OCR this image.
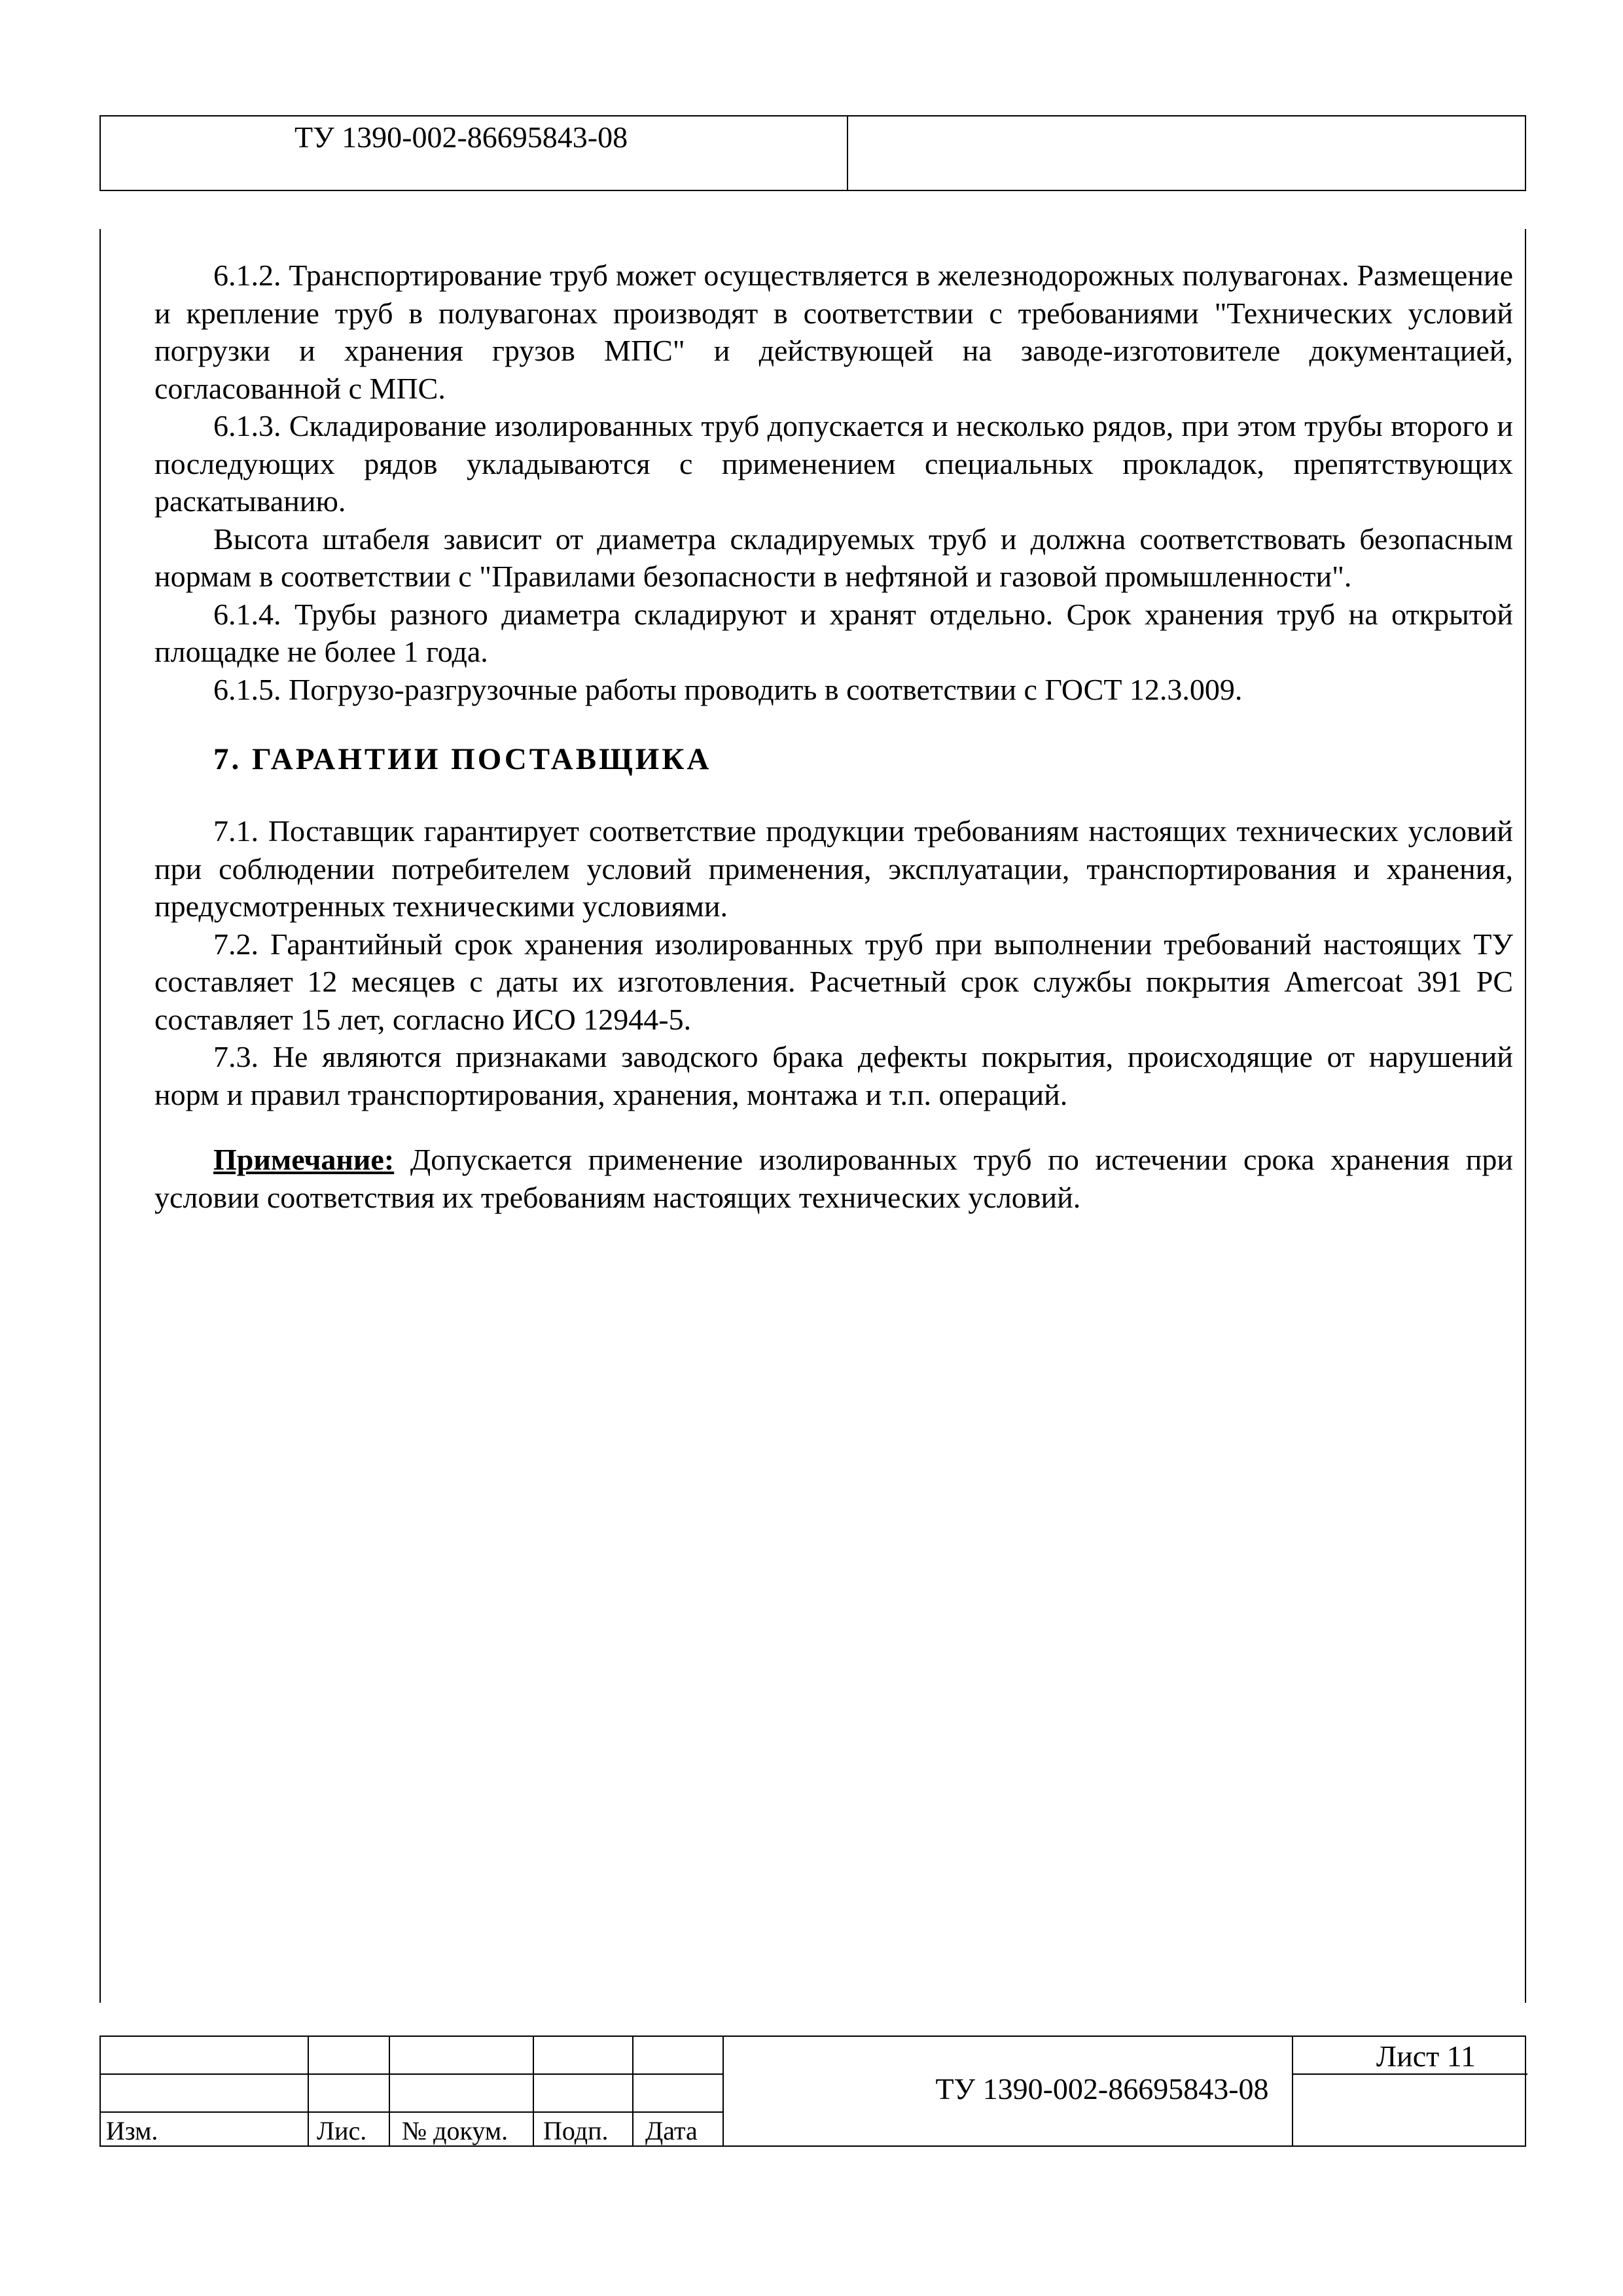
ТУ 1390-002-86695843-08

6.1.2. Транспортирование труб может осуществляется в железнодорожных полувагонах. Размещение и крепление труб в полувагонах производят в соответствии с требованиями "Технических условий погрузки и хранения грузов МПС" и действующей на заводе-изготовителе документацией, согласованной с МПС.

6.1.3. Складирование изолированных труб допускается и несколько рядов, при этом трубы второго и последующих рядов укладываются с применением специальных прокладок, препятствующих раскатыванию.

Высота штабеля зависит от диаметра складируемых труб и должна соответствовать безопасным нормам в соответствии с "Правилами безопасности в нефтяной и газовой промышленности".

6.1.4. Трубы разного диаметра складируют и хранят отдельно. Срок хранения труб на открытой площадке не более 1 года.

6.1.5. Погрузо-разгрузочные работы проводить в соответствии с ГОСТ 12.3.009.

7. ГАРАНТИИ ПОСТАВЩИКА

7.1. Поставщик гарантирует соответствие продукции требованиям настоящих технических условий при соблюдении потребителем условий применения, эксплуатации, транспортирования и хранения, предусмотренных техническими условиями.

7.2. Гарантийный срок хранения изолированных труб при выполнении требований настоящих ТУ составляет 12 месяцев с даты их изготовления. Расчетный срок службы покрытия Amercoat 391 PC составляет 15 лет, согласно ИСО 12944-5.

7.3. Не являются признаками заводского брака дефекты покрытия, происходящие от нарушений норм и правил транспортирования, хранения, монтажа и т.п. операций.

Примечание: Допускается применение изолированных труб по истечении срока хранения при условии соответствия их требованиям настоящих технических условий.

Изм.	Лис. № докум. Подп. Дата
ТУ 1390-002-86695843-08
Лист 11
